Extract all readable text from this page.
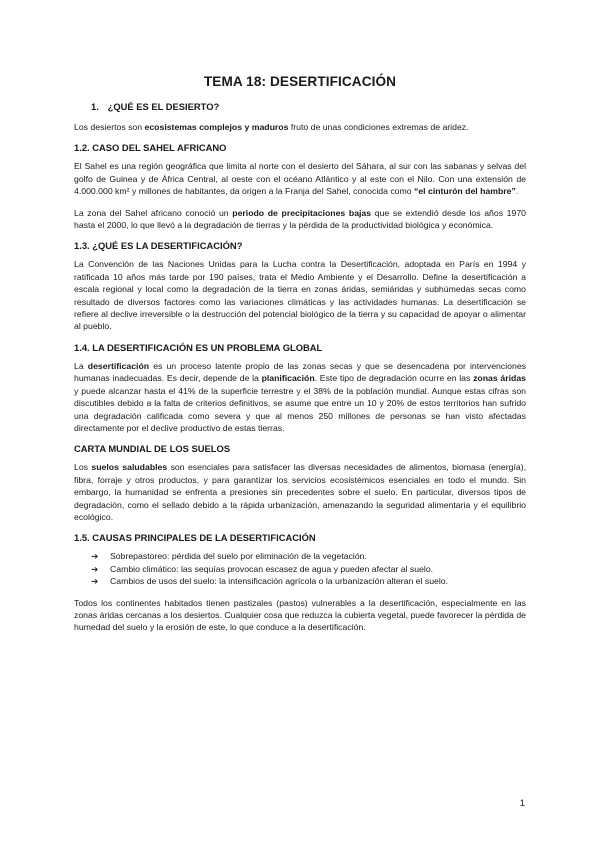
TEMA 18: DESERTIFICACIÓN
1. ¿QUÉ ES EL DESIERTO?

Los desiertos son ecosistemas complejos y maduros fruto de unas condiciones extremas de aridez.

1.2. CASO DEL SAHEL AFRICANO

El Sahel es una región geográfica que limita al norte con el desierto del Sáhara, al sur con las sabanas y selvas del golfo de Guinea y de África Central, al oeste con el océano Atlántico y al este con el Nilo. Con una extensión de 4.000.000 km² y millones de habitantes, da origen a la Franja del Sahel, conocida como “el cinturón del hambre”.

La zona del Sahel africano conoció un periodo de precipitaciones bajas que se extendió desde los años 1970 hasta el 2000, lo que llevó a la degradación de tierras y la pérdida de la productividad biológica y económica.

1.3. ¿QUÉ ES LA DESERTIFICACIÓN?

La Convención de las Naciones Unidas para la Lucha contra la Desertificación, adoptada en París en 1994 y ratificada 10 años más tarde por 190 países, trata el Medio Ambiente y el Desarrollo. Define la desertificación a escala regional y local como la degradación de la tierra en zonas áridas, semiáridas y subhúmedas secas como resultado de diversos factores como las variaciones climáticas y las actividades humanas. La desertificación se refiere al declive irreversible o la destrucción del potencial biológico de la tierra y su capacidad de apoyar o alimentar al pueblo.

1.4. LA DESERTIFICACIÓN ES UN PROBLEMA GLOBAL

La desertificación es un proceso latente propio de las zonas secas y que se desencadena por intervenciones humanas inadecuadas. Es decir, depende de la planificación. Este tipo de degradación ocurre en las zonas áridas y puede alcanzar hasta el 41% de la superficie terrestre y el 38% de la población mundial. Aunque estas cifras son discutibles debido a la falta de criterios definitivos, se asume que entre un 10 y 20% de estos territorios han sufrido una degradación calificada como severa y que al menos 250 millones de personas se han visto afectadas directamente por el declive productivo de estas tierras.

CARTA MUNDIAL DE LOS SUELOS

Los suelos saludables son esenciales para satisfacer las diversas necesidades de alimentos, biomasa (energía), fibra, forraje y otros productos, y para garantizar los servicios ecosistémicos esenciales en todo el mundo. Sin embargo, la humanidad se enfrenta a presiones sin precedentes sobre el suelo. En particular, diversos tipos de degradación, como el sellado debido a la rápida urbanización, amenazando la seguridad alimentaria y el equilibrio ecológico.

1.5. CAUSAS PRINCIPALES DE LA DESERTIFICACIÓN
➔	Sobrepastoreo: pérdida del suelo por eliminación de la vegetación.
➔	Cambio climático: las sequías provocan escasez de agua y pueden afectar al suelo.
➔	Cambios de usos del suelo: la intensificación agrícola o la urbanización alteran el suelo.

Todos los continentes habitados tienen pastizales (pastos) vulnerables a la desertificación, especialmente en las zonas áridas cercanas a los desiertos. Cualquier cosa que reduzca la cubierta vegetal, puede favorecer la pérdida de humedad del suelo y la erosión de este, lo que conduce a la desertificación.

1
